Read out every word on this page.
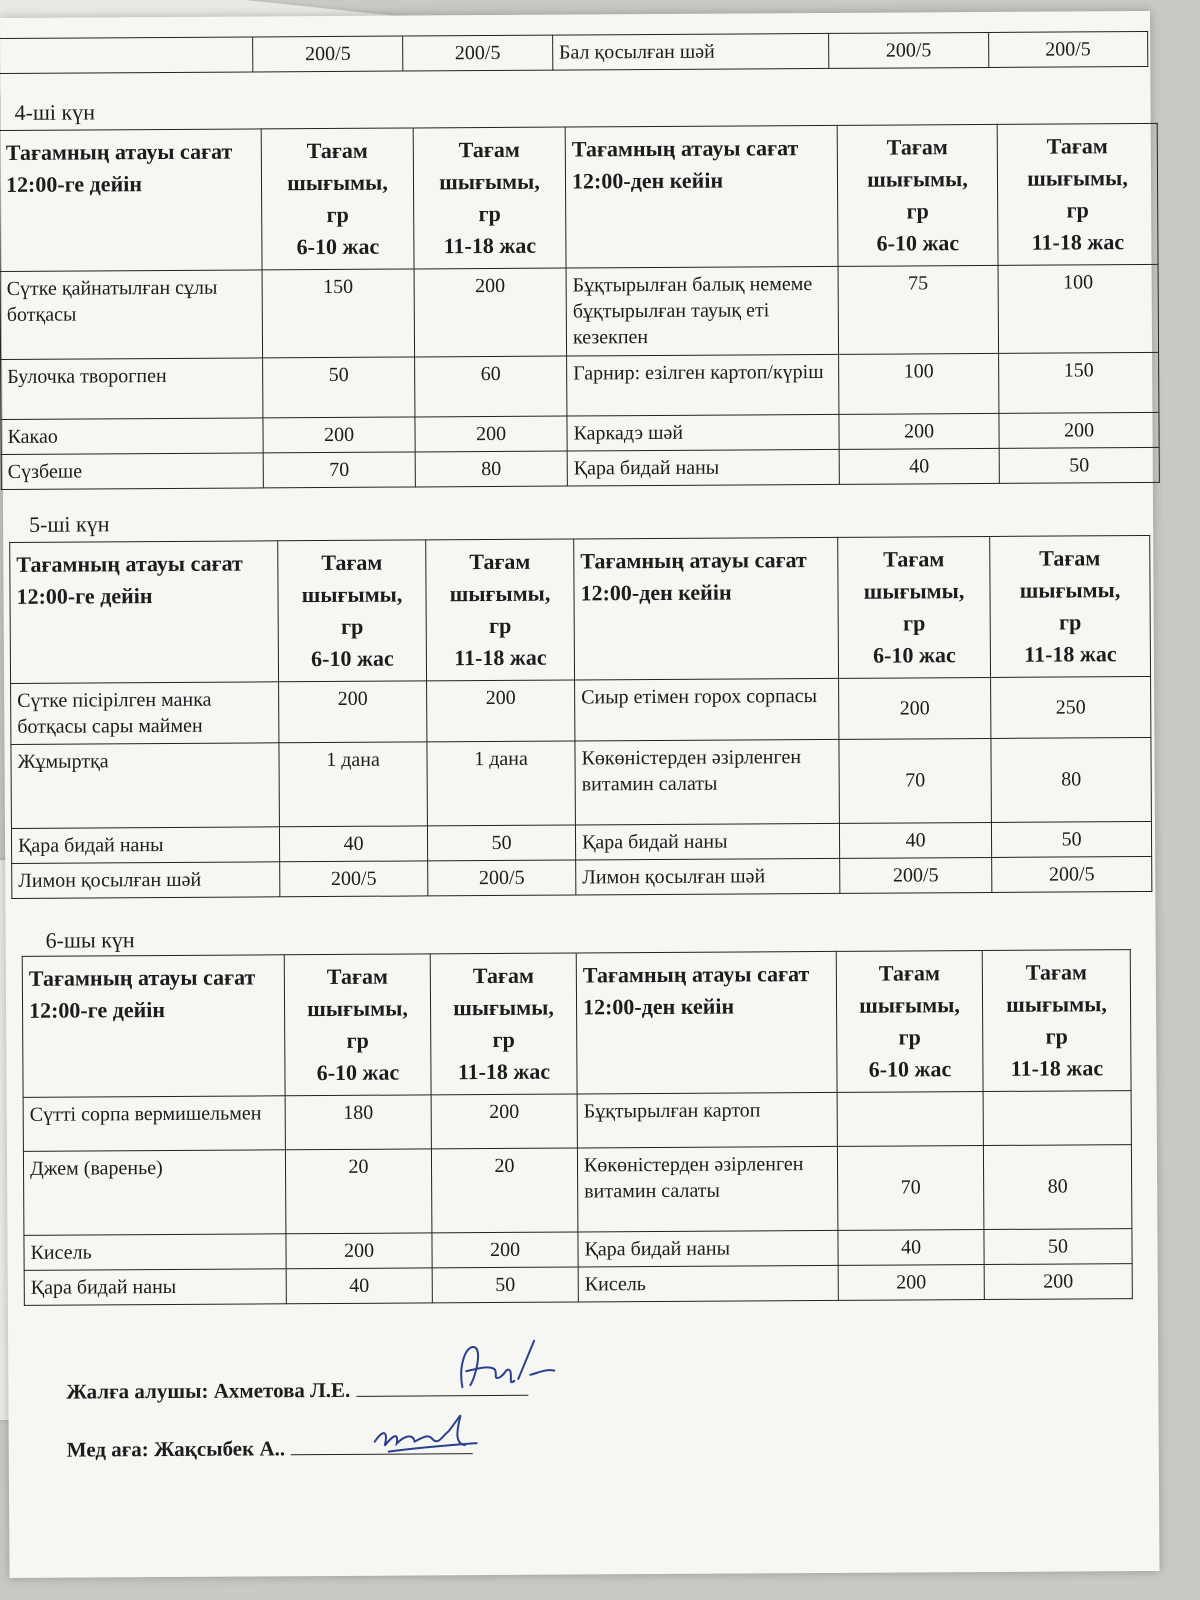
	200/5	200/5	Бал қосылған шәй	200/5	200/5
4-ші күн
Тағамның атауы сағат 12:00-ге дейін	Тағам
шығымы,
гр
6-10 жас	Тағам
шығымы,
гр
11-18 жас	Тағамның атауы сағат 12:00-ден кейін	Тағам
шығымы,
гр
6-10 жас	Тағам
шығымы,
гр
11-18 жас
Сүтке қайнатылған сұлы ботқасы	150	200	Бұқтырылған балық немеме бұқтырылған тауық еті кезекпен	75	100
Булочка творогпен	50	60	Гарнир: езілген картоп/күріш	100	150
Какао	200	200	Каркадэ шәй	200	200
Сүзбеше	70	80	Қара бидай наны	40	50
5-ші күн
Тағамның атауы сағат 12:00-ге дейін	Тағам
шығымы,
гр
6-10 жас	Тағам
шығымы,
гр
11-18 жас	Тағамның атауы сағат 12:00-ден кейін	Тағам
шығымы,
гр
6-10 жас	Тағам
шығымы,
гр
11-18 жас
Сүтке пісірілген манка ботқасы сары маймен	200	200	Сиыр етімен горох сорпасы	200	250
Жұмыртқа	1 дана	1 дана	Көкөністерден әзірленген витамин салаты	70	80
Қара бидай наны	40	50	Қара бидай наны	40	50
Лимон қосылған шәй	200/5	200/5	Лимон қосылған шәй	200/5	200/5
6-шы күн
Тағамның атауы сағат 12:00-ге дейін	Тағам
шығымы,
гр
6-10 жас	Тағам
шығымы,
гр
11-18 жас	Тағамның атауы сағат 12:00-ден кейін	Тағам
шығымы,
гр
6-10 жас	Тағам
шығымы,
гр
11-18 жас
Сүтті сорпа вермишельмен	180	200	Бұқтырылған картоп		
Джем (варенье)	20	20	Көкөністерден әзірленген витамин салаты	70	80
Кисель	200	200	Қара бидай наны	40	50
Қара бидай наны	40	50	Кисель	200	200
Жалға алушы: Ахметова Л.Е.
Мед аға: Жақсыбек А..
